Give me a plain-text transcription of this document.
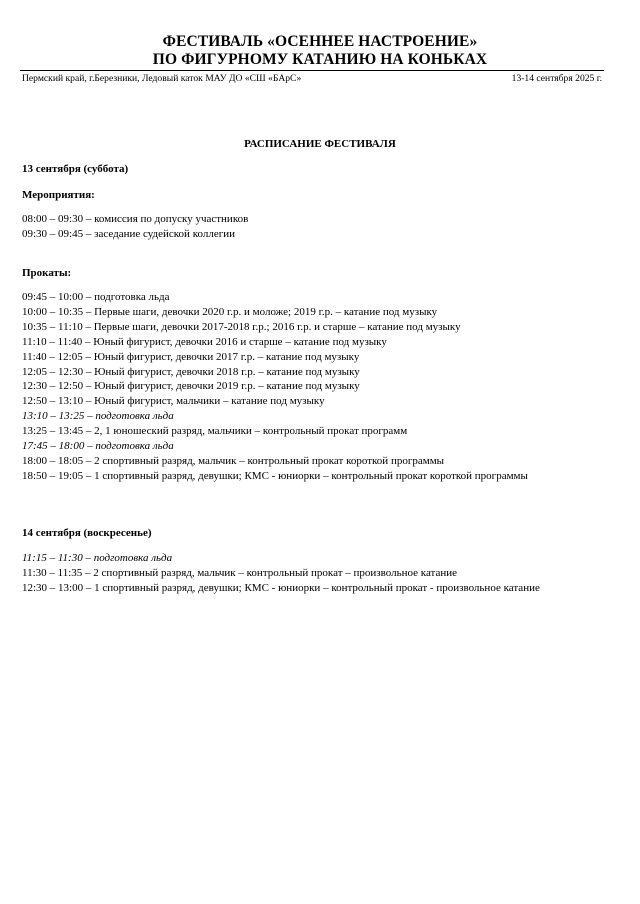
ФЕСТИВАЛЬ «ОСЕННЕЕ НАСТРОЕНИЕ»
ПО ФИГУРНОМУ КАТАНИЮ НА КОНЬКАХ
Пермский край, г.Березники, Ледовый каток МАУ ДО «СШ «БАрС»	13-14 сентября 2025 г.
РАСПИСАНИЕ ФЕСТИВАЛЯ
13 сентября (суббота)
Мероприятия:
08:00 – 09:30 – комиссия по допуску участников
09:30 – 09:45 – заседание судейской коллегии
Прокаты:
09:45 – 10:00 – подготовка льда
10:00 – 10:35 – Первые шаги, девочки 2020 г.р. и моложе; 2019 г.р. – катание под музыку
10:35 – 11:10 – Первые шаги, девочки 2017-2018 г.р.; 2016 г.р. и старше – катание под музыку
11:10 – 11:40 – Юный фигурист, девочки 2016 и старше – катание под музыку
11:40 – 12:05 – Юный фигурист, девочки 2017 г.р. – катание под музыку
12:05 – 12:30 – Юный фигурист, девочки 2018 г.р. – катание под музыку
12:30 – 12:50 – Юный фигурист, девочки 2019 г.р. – катание под музыку
12:50 – 13:10 – Юный фигурист, мальчики – катание под музыку
13:10 – 13:25 – подготовка льда
13:25 – 13:45 – 2, 1 юношеский разряд, мальчики – контрольный прокат программ
17:45 – 18:00 – подготовка льда
18:00 – 18:05 – 2 спортивный разряд, мальчик – контрольный прокат короткой программы
18:50 – 19:05 – 1 спортивный разряд, девушки; КМС - юниорки – контрольный прокат короткой программы
14 сентября (воскресенье)
11:15 – 11:30 – подготовка льда
11:30 – 11:35 – 2 спортивный разряд, мальчик – контрольный прокат – произвольное катание
12:30 – 13:00 – 1 спортивный разряд, девушки; КМС - юниорки – контрольный прокат - произвольное катание
